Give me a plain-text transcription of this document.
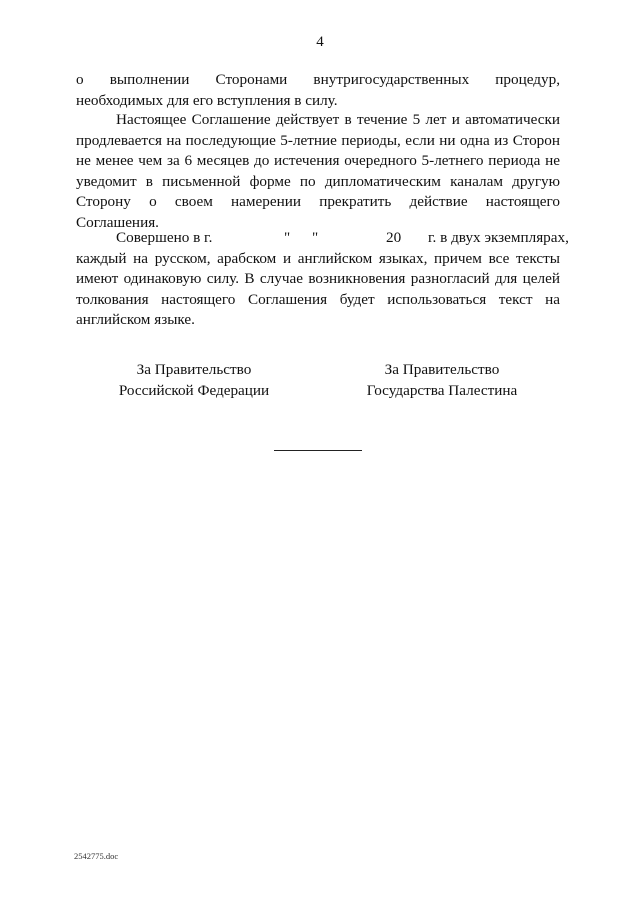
4

о выполнении Сторонами внутригосударственных процедур, необходимых для его вступления в силу.

Настоящее Соглашение действует в течение 5 лет и автоматически продлевается на последующие 5-летние периоды, если ни одна из Сторон не менее чем за 6 месяцев до истечения очередного 5-летнего периода не уведомит в письменной форме по дипломатическим каналам другую Сторону о своем намерении прекратить действие настоящего Соглашения.

Совершено в г.	" "	20 г. в двух экземплярах,

каждый на русском, арабском и английском языках, причем все тексты имеют одинаковую силу. В случае возникновения разногласий для целей толкования настоящего Соглашения будет использоваться текст на английском языке.

За Правительство
Российской Федерации
За Правительство
Государства Палестина
2542775.doc
